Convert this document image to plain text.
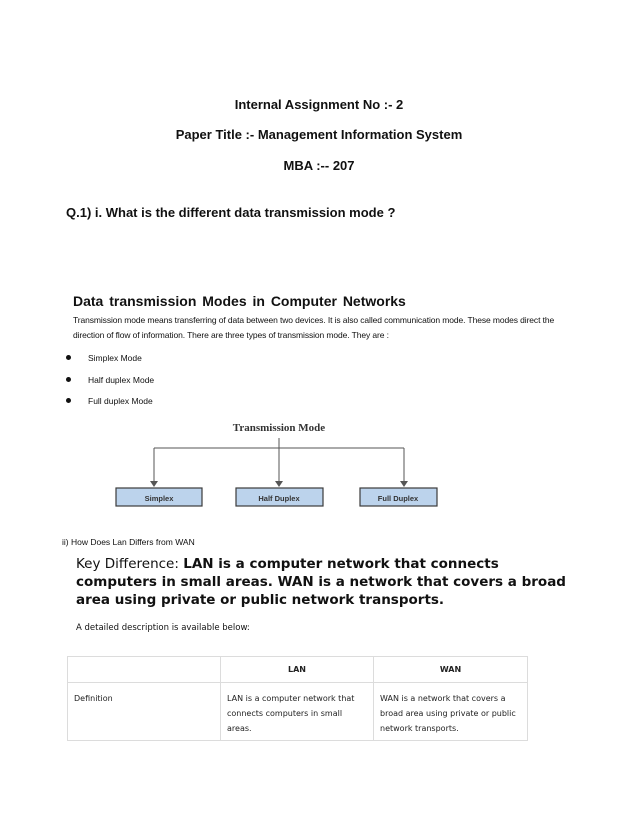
Internal Assignment No :- 2
Paper Title :- Management Information System
MBA :-- 207
Q.1) i. What is the different data transmission mode ?
Data transmission Modes in Computer Networks
Transmission mode means transferring of data between two devices. It is also called communication mode. These modes direct the direction of flow of information. There are three types of transmission mode. They are :
Simplex Mode
Half duplex Mode
Full duplex Mode
Transmission Mode
Simplex	Half Duplex	Full Duplex
ii) How Does Lan Differs from WAN
Key Difference: LAN is a computer network that connects computers in small areas. WAN is a network that covers a broad area using private or public network transports.
A detailed description is available below:
	LAN	WAN
Definition	LAN is a computer network that connects computers in small areas.	WAN is a network that covers a broad area using private or public network transports.
